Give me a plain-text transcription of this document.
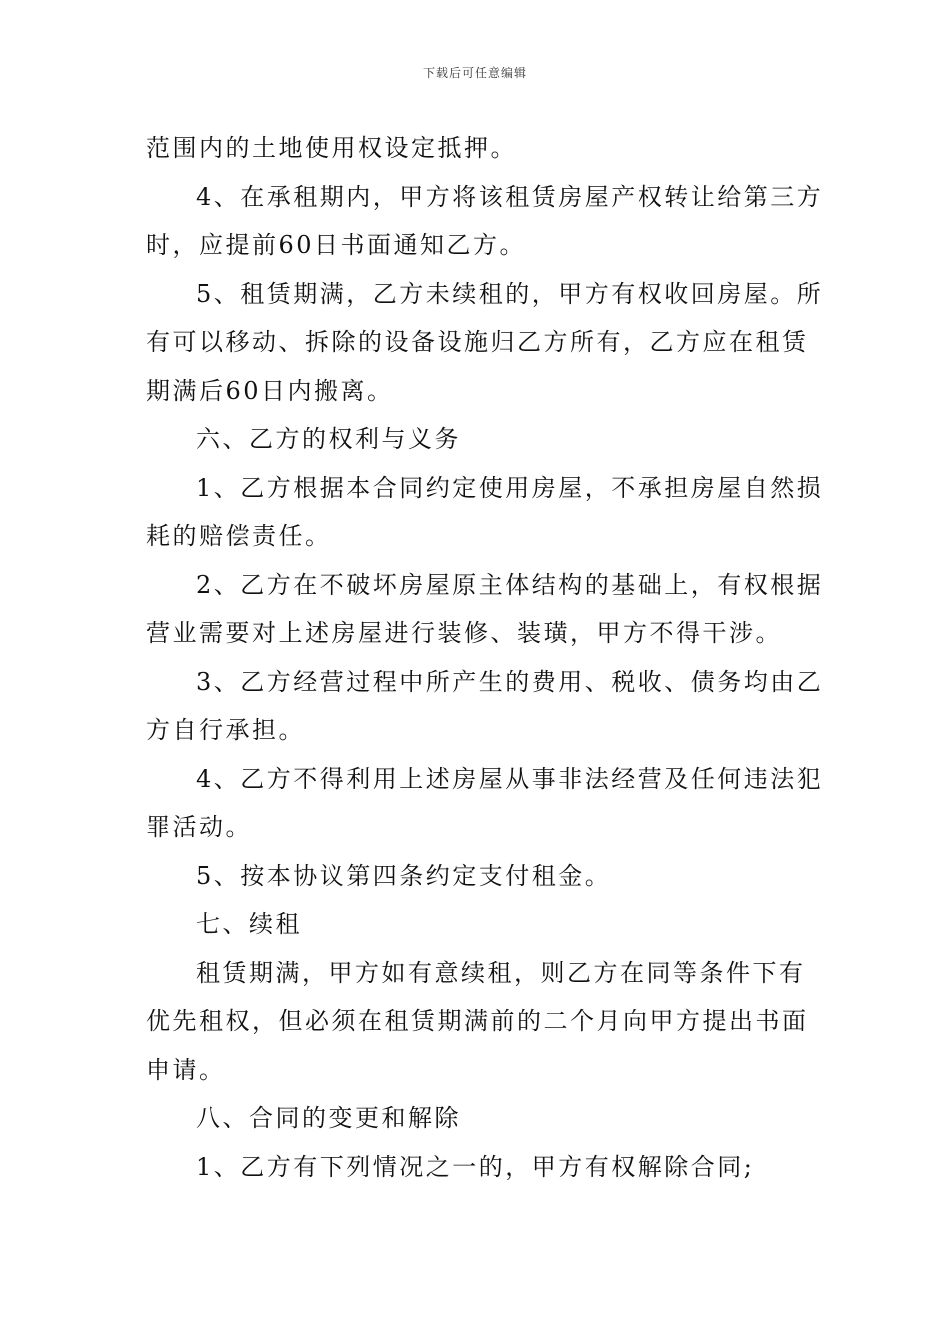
下载后可任意编辑
范围内的土地使用权设定抵押。
4、在承租期内，甲方将该租赁房屋产权转让给第三方
时，应提前60日书面通知乙方。
5、租赁期满，乙方未续租的，甲方有权收回房屋。所
有可以移动、拆除的设备设施归乙方所有，乙方应在租赁
期满后60日内搬离。
六、乙方的权利与义务
1、乙方根据本合同约定使用房屋，不承担房屋自然损
耗的赔偿责任。
2、乙方在不破坏房屋原主体结构的基础上，有权根据
营业需要对上述房屋进行装修、装璜，甲方不得干涉。
3、乙方经营过程中所产生的费用、税收、债务均由乙
方自行承担。
4、乙方不得利用上述房屋从事非法经营及任何违法犯
罪活动。
5、按本协议第四条约定支付租金。
七、续租
租赁期满，甲方如有意续租，则乙方在同等条件下有
优先租权，但必须在租赁期满前的二个月向甲方提出书面
申请。
八、合同的变更和解除
1、乙方有下列情况之一的，甲方有权解除合同;
